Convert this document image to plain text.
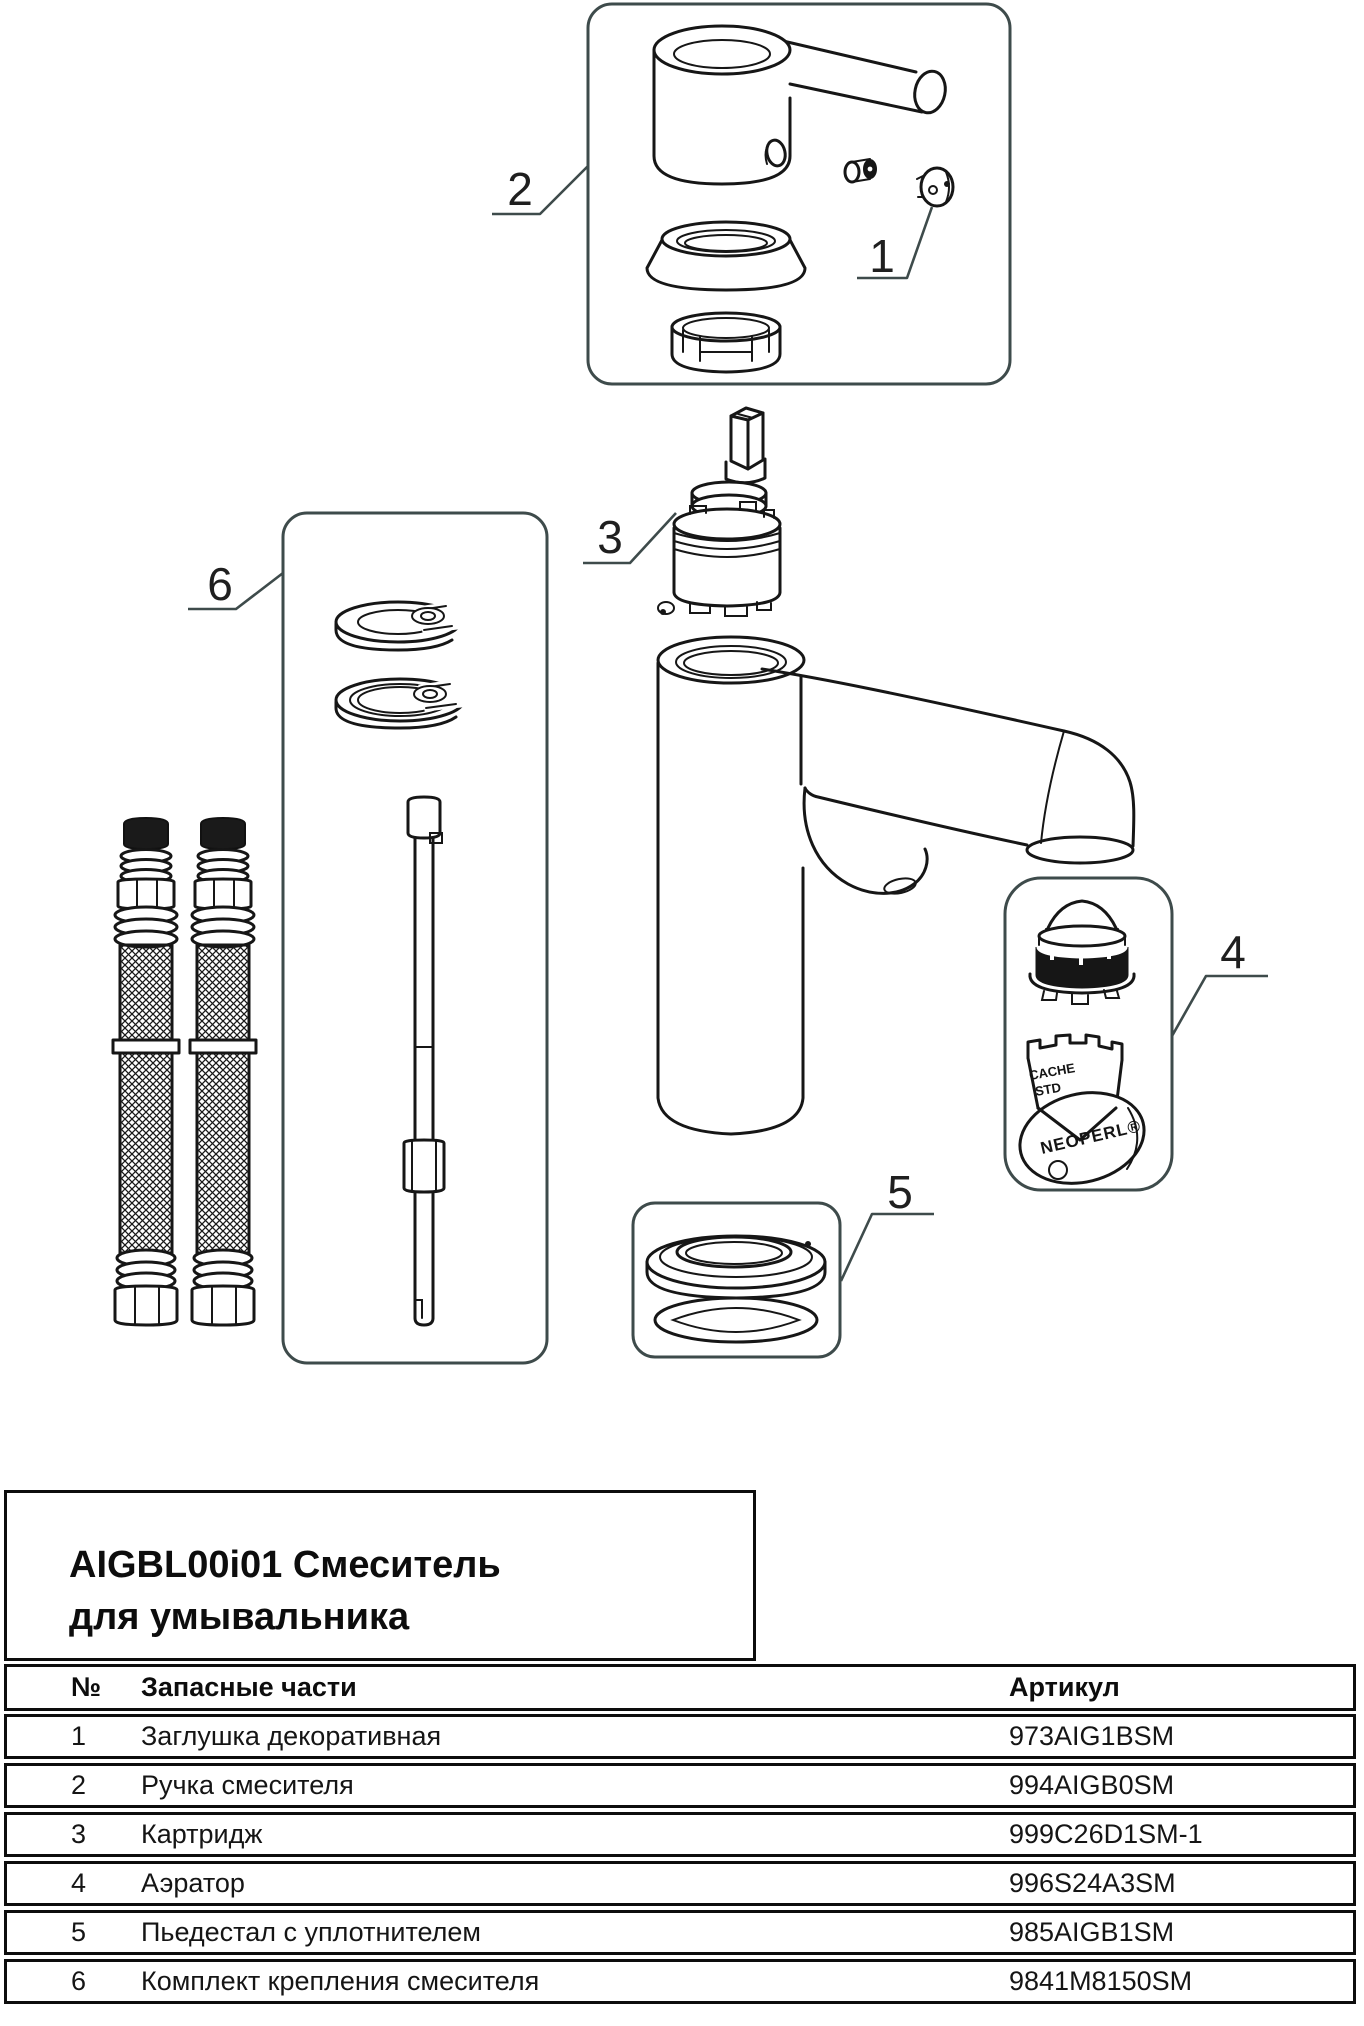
2
1
3
6
4
5
CACHE
STD
NEOPERL®
AIGBL00i01 Смеситель
для умывальника
№	Запасные части	Артикул
1	Заглушка декоративная	973AIG1BSM
2	Ручка смесителя	994AIGB0SM
3	Картридж	999C26D1SM-1
4	Аэратор	996S24A3SM
5	Пьедестал с уплотнителем	985AIGB1SM
6	Комплект крепления смесителя	9841M8150SM
